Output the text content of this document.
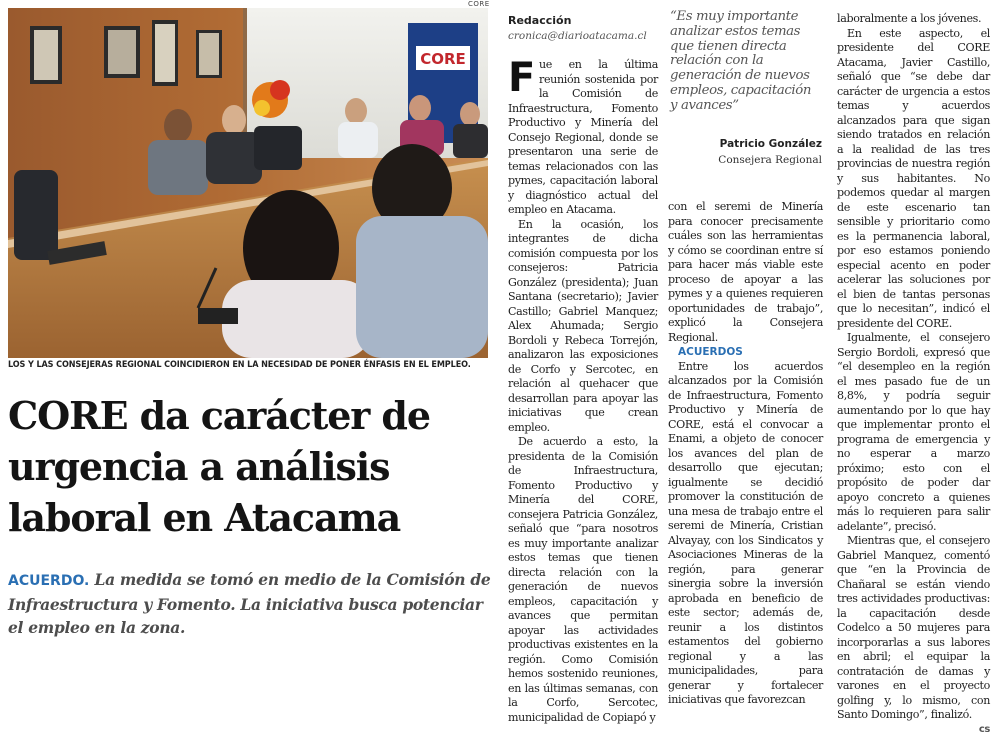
CORE
CORE
LOS Y LAS CONSEJERAS REGIONAL COINCIDIERON EN LA NECESIDAD DE PONER ÉNFASIS EN EL EMPLEO.
CORE da carácter de urgencia a análisis laboral en Atacama

ACUERDO. La medida se tomó en medio de la Comisión de Infraestructura y Fomento. La iniciativa busca potenciar el empleo en la zona.

Redacción
cronica@diarioatacama.cl

Fue en la última reunión sostenida por la Comisión de Infraestructura, Fomento Productivo y Minería del Consejo Regional, donde se presentaron una serie de temas relacionados con las pymes, capacitación laboral y diagnóstico actual del empleo en Atacama.

En la ocasión, los integrantes de dicha comisión compuesta por los consejeros: Patricia González (presidenta); Juan Santana (secretario); Javier Castillo; Gabriel Manquez; Alex Ahumada; Sergio Bordoli y Rebeca Torrejón, analizaron las exposiciones de Corfo y Sercotec, en relación al quehacer que desarrollan para apoyar las iniciativas que crean empleo.

De acuerdo a esto, la presidenta de la Comisión de Infraestructura, Fomento Productivo y Minería del CORE, consejera Patricia González, señaló que “para nosotros es muy importante analizar estos temas que tienen directa relación con la generación de nuevos empleos, capacitación y avances que permitan apoyar las actividades productivas existentes en la región. Como Comisión hemos sostenido reuniones, en las últimas semanas, con la Corfo, Sercotec, municipalidad de Copiapó y

“Es muy importante analizar estos temas que tienen directa relación con la generación de nuevos empleos, capacitación y avances”

Patricio González
Consejera Regional

con el seremi de Minería para conocer precisamente cuáles son las herramientas y cómo se coordinan entre sí para hacer más viable este proceso de apoyar a las pymes y a quienes requieren oportunidades de trabajo”, explicó la Consejera Regional.

ACUERDOS

Entre los acuerdos alcanzados por la Comisión de Infraestructura, Fomento Productivo y Minería de CORE, está el convocar a Enami, a objeto de conocer los avances del plan de desarrollo que ejecutan; igualmente se decidió promover la constitución de una mesa de trabajo entre el seremi de Minería, Cristian Alvayay, con los Sindicatos y Asociaciones Mineras de la región, para generar sinergia sobre la inversión aprobada en beneficio de este sector; además de, reunir a los distintos estamentos del gobierno regional y a las municipalidades, para generar y fortalecer iniciativas que favorezcan

laboralmente a los jóvenes.

En este aspecto, el presidente del CORE Atacama, Javier Castillo, señaló que “se debe dar carácter de urgencia a estos temas y acuerdos alcanzados para que sigan siendo tratados en relación a la realidad de las tres provincias de nuestra región y sus habitantes. No podemos quedar al margen de este escenario tan sensible y prioritario como es la permanencia laboral, por eso estamos poniendo especial acento en poder acelerar las soluciones por el bien de tantas personas que lo necesitan”, indicó el presidente del CORE.

Igualmente, el consejero Sergio Bordoli, expresó que “el desempleo en la región el mes pasado fue de un 8,8%, y podría seguir aumentando por lo que hay que implementar pronto el programa de emergencia y no esperar a marzo próximo; esto con el propósito de poder dar apoyo concreto a quienes más lo requieren para salir adelante”, precisó.

Mientras que, el consejero Gabriel Manquez, comentó que “en la Provincia de Chañaral se están viendo tres actividades productivas: la capacitación desde Codelco a 50 mujeres para incorporarlas a sus labores en abril; el equipar la contratación de damas y varones en el proyecto golfing y, lo mismo, con Santo Domingo”, finalizó.
cs
